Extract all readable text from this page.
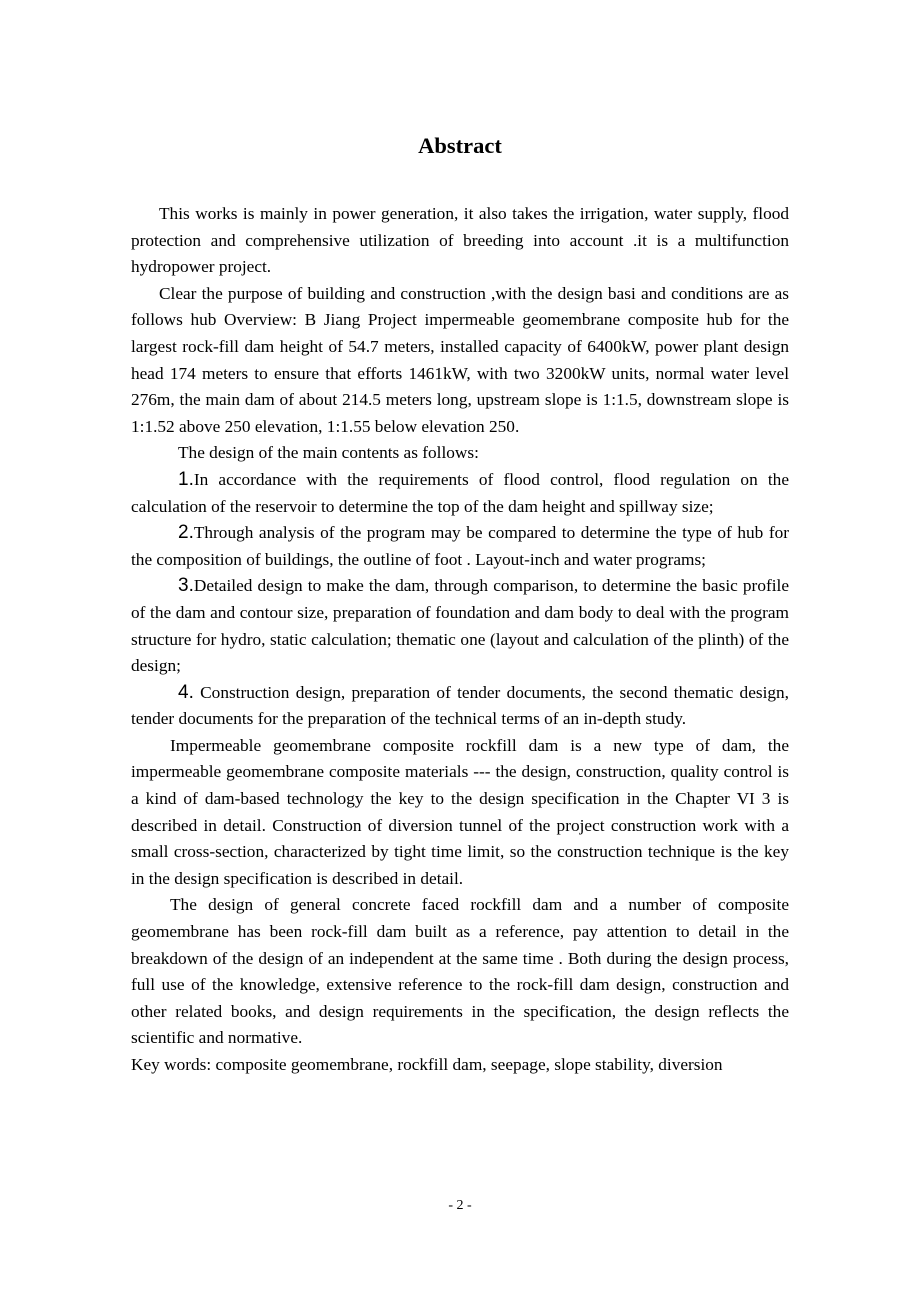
Abstract

This works is mainly in power generation, it also takes the irrigation, water supply, flood protection and comprehensive utilization of breeding into account .it is a multifunction hydropower project.

Clear the purpose of building and construction ,with the design basi and conditions are as follows hub Overview: B Jiang Project impermeable geomembrane composite hub for the largest rock-fill dam height of 54.7 meters, installed capacity of 6400kW, power plant design head 174 meters to ensure that efforts 1461kW, with two 3200kW units, normal water level 276m, the main dam of about 214.5 meters long, upstream slope is 1:1.5, downstream slope is 1:1.52 above 250 elevation, 1:1.55 below elevation 250.

The design of the main contents as follows:

1.In accordance with the requirements of flood control, flood regulation on the calculation of the reservoir to determine the top of the dam height and spillway size;

2.Through analysis of the program may be compared to determine the type of hub for the composition of buildings, the outline of foot . Layout-inch and water programs;

3.Detailed design to make the dam, through comparison, to determine the basic profile of the dam and contour size, preparation of foundation and dam body to deal with the program structure for hydro, static calculation; thematic one (layout and calculation of the plinth) of the design;

4. Construction design, preparation of tender documents, the second thematic design, tender documents for the preparation of the technical terms of an in-depth study.

Impermeable geomembrane composite rockfill dam is a new type of dam, the impermeable geomembrane composite materials --- the design, construction, quality control is a kind of dam-based technology the key to the design specification in the Chapter VI 3 is described in detail. Construction of diversion tunnel of the project construction work with a small cross-section, characterized by tight time limit, so the construction technique is the key in the design specification is described in detail.

The design of general concrete faced rockfill dam and a number of composite geomembrane has been rock-fill dam built as a reference, pay attention to detail in the breakdown of the design of an independent at the same time . Both during the design process, full use of the knowledge, extensive reference to the rock-fill dam design, construction and other related books, and design requirements in the specification, the design reflects the scientific and normative.

Key words: composite geomembrane, rockfill dam, seepage, slope stability, diversion

- 2 -
